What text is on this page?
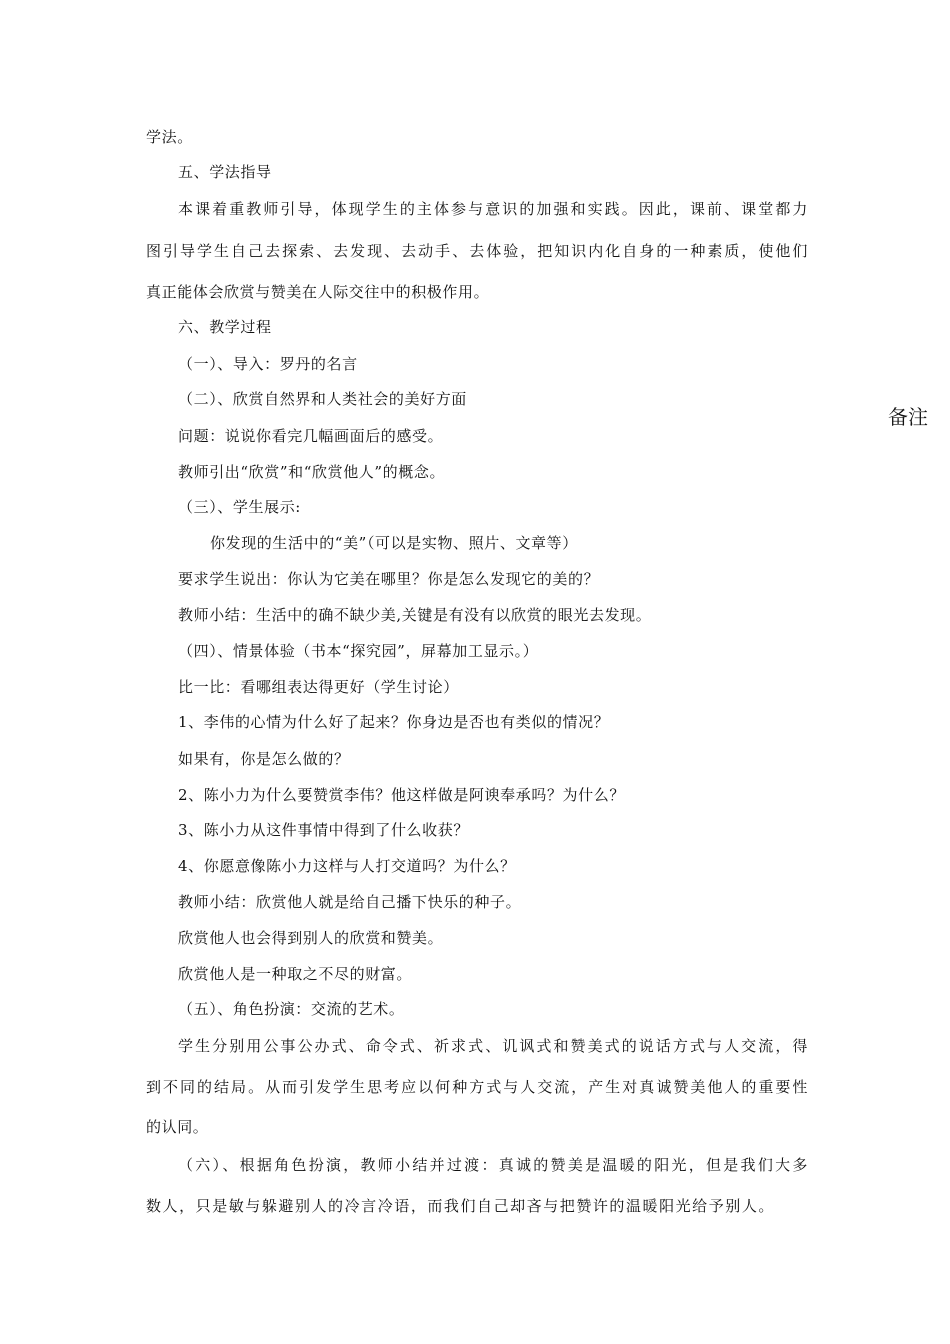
学法。
五、学法指导
本课着重教师引导，体现学生的主体参与意识的加强和实践。因此，课前、课堂都力
图引导学生自己去探索、去发现、去动手、去体验，把知识内化自身的一种素质，使他们
真正能体会欣赏与赞美在人际交往中的积极作用。
六、教学过程
（一）、导入：罗丹的名言
（二）、欣赏自然界和人类社会的美好方面
问题：说说你看完几幅画面后的感受。
教师引出“欣赏”和“欣赏他人”的概念。
（三）、学生展示:
你发现的生活中的“美”（可以是实物、照片、文章等）
要求学生说出：你认为它美在哪里？你是怎么发现它的美的？
教师小结：生活中的确不缺少美,关键是有没有以欣赏的眼光去发现。
（四）、情景体验（书本“探究园”，屏幕加工显示。）
比一比：看哪组表达得更好（学生讨论）
1、李伟的心情为什么好了起来？你身边是否也有类似的情况？
如果有，你是怎么做的？
2、陈小力为什么要赞赏李伟？他这样做是阿谀奉承吗？为什么？
3、陈小力从这件事情中得到了什么收获？
4、你愿意像陈小力这样与人打交道吗？为什么？
教师小结：欣赏他人就是给自己播下快乐的种子。
欣赏他人也会得到别人的欣赏和赞美。
欣赏他人是一种取之不尽的财富。
（五）、角色扮演：交流的艺术。
学生分别用公事公办式、命令式、祈求式、讥讽式和赞美式的说话方式与人交流，得
到不同的结局。从而引发学生思考应以何种方式与人交流，产生对真诚赞美他人的重要性
的认同。
（六）、根据角色扮演，教师小结并过渡：真诚的赞美是温暖的阳光，但是我们大多
数人，只是敏与躲避别人的冷言冷语，而我们自己却吝与把赞许的温暖阳光给予别人。
备注
